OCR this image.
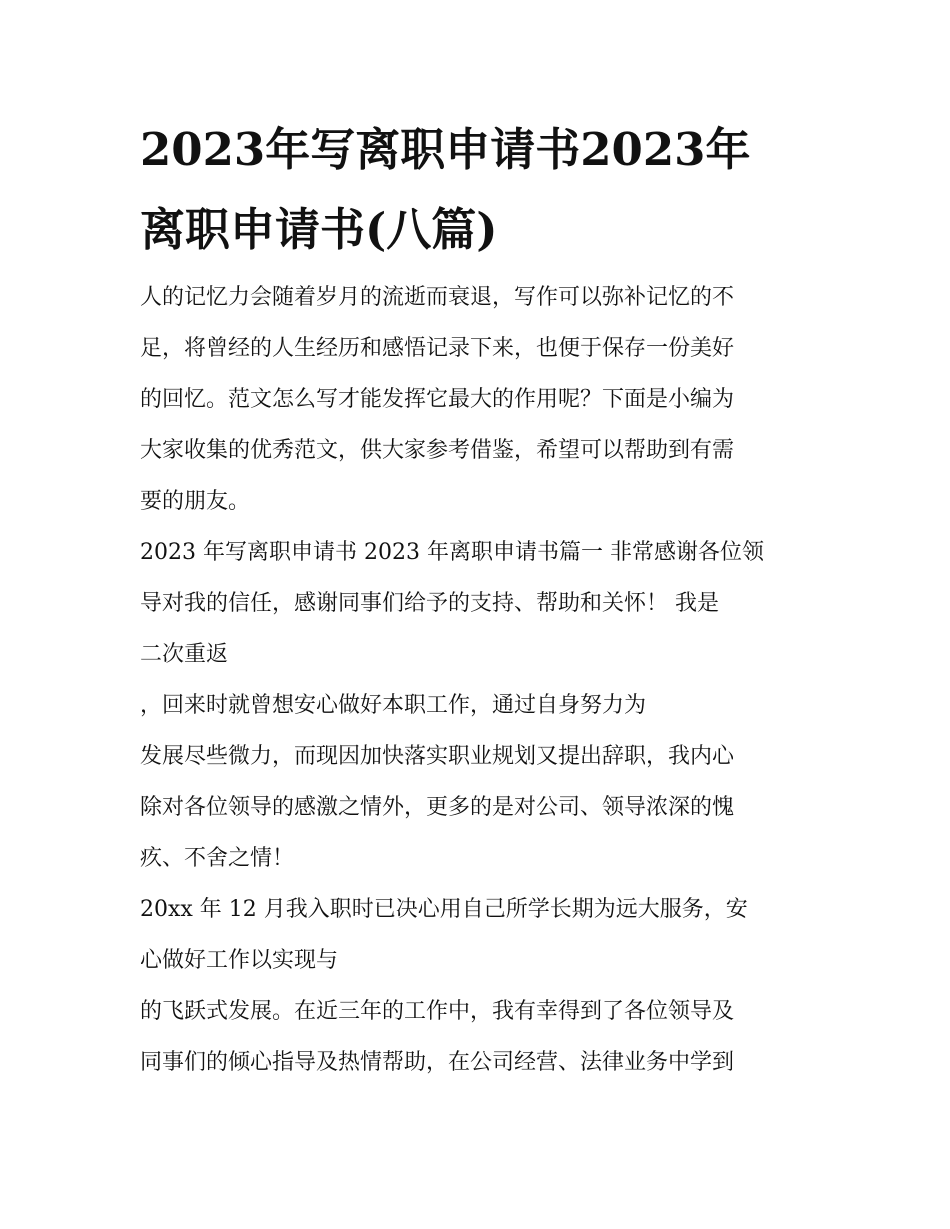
2023年写离职申请书2023年
离职申请书(八篇)

人的记忆力会随着岁月的流逝而衰退，写作可以弥补记忆的不
足，将曾经的人生经历和感悟记录下来，也便于保存一份美好
的回忆。范文怎么写才能发挥它最大的作用呢？下面是小编为
大家收集的优秀范文，供大家参考借鉴，希望可以帮助到有需
要的朋友。

2023 年写离职申请书 2023 年离职申请书篇一 非常感谢各位领
导对我的信任，感谢同事们给予的支持、帮助和关怀！ 我是
二次重返

，回来时就曾想安心做好本职工作，通过自身努力为

发展尽些微力，而现因加快落实职业规划又提出辞职，我内心
除对各位领导的感激之情外，更多的是对公司、领导浓深的愧
疚、不舍之情！

20xx 年 12 月我入职时已决心用自己所学长期为远大服务，安
心做好工作以实现与

的飞跃式发展。在近三年的工作中，我有幸得到了各位领导及
同事们的倾心指导及热情帮助，在公司经营、法律业务中学到
